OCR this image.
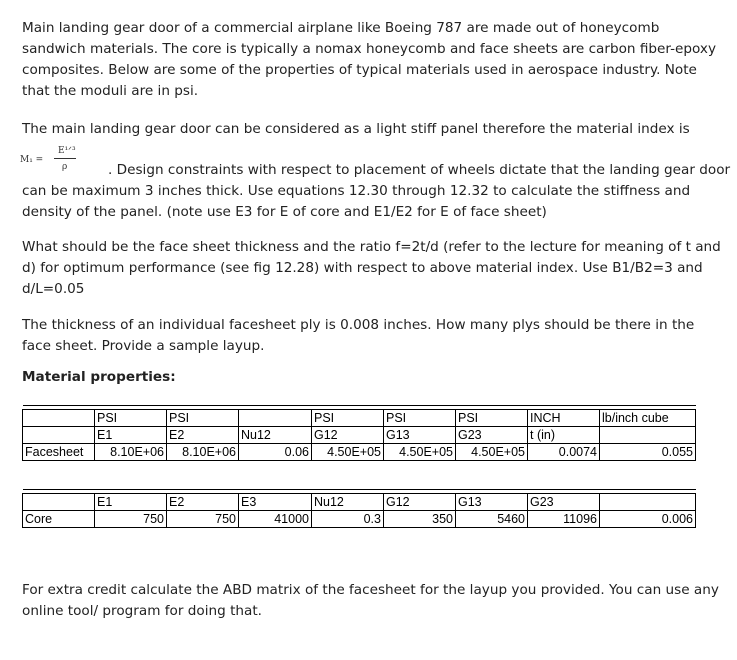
Main landing gear door of a commercial airplane like Boeing 787 are made out of honeycomb sandwich materials. The core is typically a nomax honeycomb and face sheets are carbon fiber-epoxy composites. Below are some of the properties of typical materials used in aerospace industry. Note that the moduli are in psi.

The main landing gear door can be considered as a light stiff panel therefore the material index is

M₁ =
E¹ᐟ³
ρ	. Design constraints with respect to placement of wheels dictate that the landing gear door can be maximum 3 inches thick. Use equations 12.30 through 12.32 to calculate the stiffness and density of the panel. (note use E3 for E of core and E1/E2 for E of face sheet)

What should be the face sheet thickness and the ratio f=2t/d (refer to the lecture for meaning of t and d) for optimum performance (see fig 12.28) with respect to above material index. Use B1/B2=3 and d/L=0.05

The thickness of an individual facesheet ply is 0.008 inches. How many plys should be there in the face sheet. Provide a sample layup.

Material properties:

	PSI	PSI		PSI	PSI	PSI	INCH	lb/inch cube
	E1	E2	Nu12	G12	G13	G23	t (in)	
Facesheet	8.10E+06	8.10E+06	0.06	4.50E+05	4.50E+05	4.50E+05	0.0074	0.055

	E1	E2	E3	Nu12	G12	G13	G23	
Core	750	750	41000	0.3	350	5460	11096	0.006

For extra credit calculate the ABD matrix of the facesheet for the layup you provided. You can use any online tool/ program for doing that.
